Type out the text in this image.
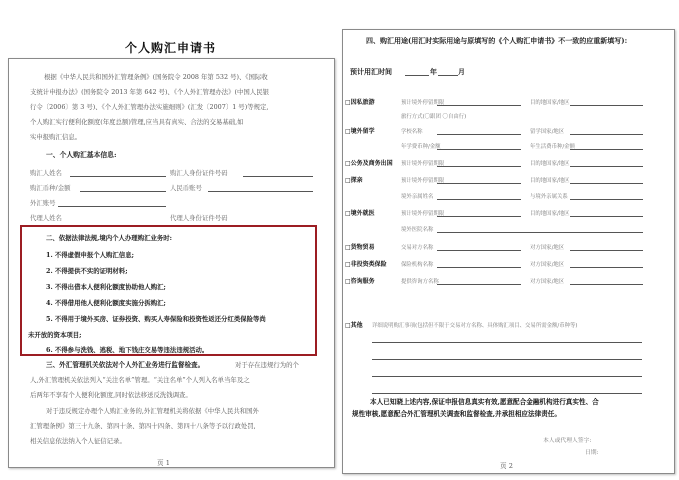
个人购汇申请书
根据《中华人民共和国外汇管理条例》(国务院令 2008 年第 532 号)、《国际收
支统计申报办法》(国务院令 2013 年第 642 号)、《个人外汇管理办法》(中国人民银
行令〔2006〕第 3 号)、《个人外汇管理办法实施细则》(汇发〔2007〕1 号)等规定,
个人购汇实行便利化额度(年度总额)管理,应当具有真实、合法的交易基础,如
实申报购汇信息。
一、个人购汇基本信息:
购汇人姓名	购汇人身份证件号码
购汇币种/金额	人民币账号
外汇账号
代理人姓名	代理人身份证件号码
二、依据法律法规,境内个人办理购汇业务时:
1. 不得虚假申报个人购汇信息;
2. 不得提供不实的证明材料;
3. 不得出借本人便利化额度协助他人购汇;
4. 不得借用他人便利化额度实施分拆购汇;
5. 不得用于境外买房、证券投资、购买人寿保险和投资性返还分红类保险等尚
未开放的资本项目;
6. 不得参与洗钱、逃税、地下钱庄交易等违法违规活动。
三、外汇管理机关依法对个人外汇业务进行监督检查。	对于存在违规行为的个
人,外汇管理机关依法列入“关注名单”管理。“关注名单”个人列入名单当年及之
后两年不享有个人便利化额度,同时依法移送反洗钱调查。
对于违反规定办理个人购汇业务的,外汇管理机关将依据《中华人民共和国外
汇管理条例》第三十九条、第四十条、第四十四条、第四十八条等予以行政处罚,
相关信息依法纳入个人征信记录。
页 1
四、购汇用途(用汇时实际用途与原填写的《个人购汇申请书》不一致的应重新填写):
预计用汇时间	年	月
□因私旅游	预计境外停留期限	目的地国家/地区
旅行方式(〇跟团 〇自由行)
□境外留学	学校名称	留学国家/地区
年学费币种/金额	年生活费币种/金额
□公务及商务出国 预计境外停留期限	目的地国家/地区
□探亲	预计境外停留期限	目的地国家/地区
境外亲属姓名	与境外亲属关系
□境外就医	预计境外停留期限	目的地国家/地区
境外医院名称
□货物贸易	交易对方名称	对方国家/地区
□非投资类保险	保险机构名称	对方国家/地区
□咨询服务	提供咨询方名称	对方国家/地区
□其他 详细说明购汇事项(包括但不限于交易对方名称、具体购汇项目、交易所需金额/币种等)
本人已知晓上述内容,保证申报信息真实有效,愿意配合金融机构进行真实性、合
规性审核,愿意配合外汇管理机关调查和监督检查,并承担相应法律责任。
本人或代理人签字:
日期:
页 2
